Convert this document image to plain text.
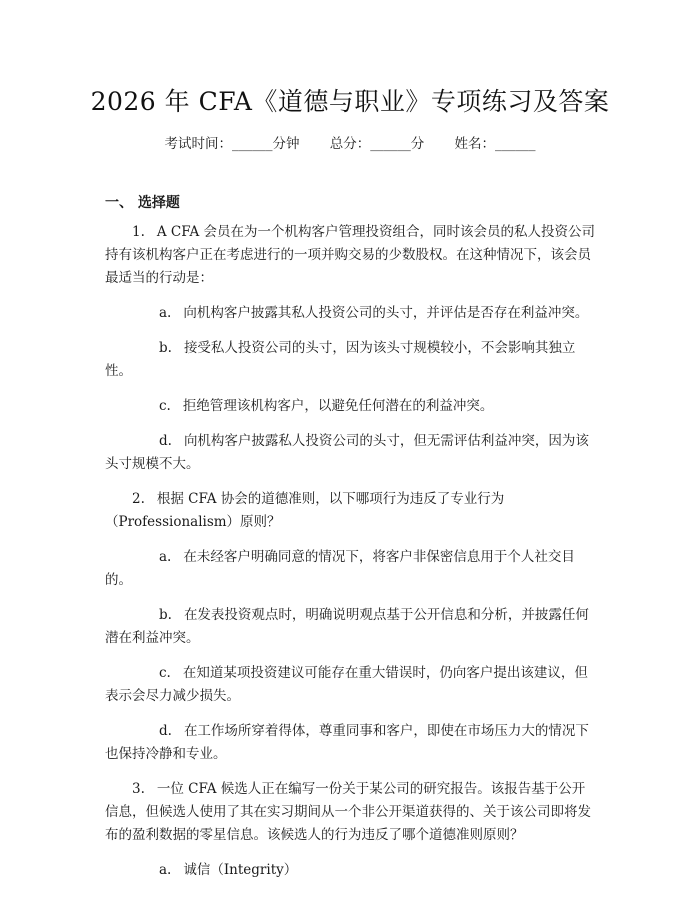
2026 年 CFA《道德与职业》专项练习及答案
考试时间：______分钟 总分：______分 姓名：______
一、 选择题

1. A CFA 会员在为一个机构客户管理投资组合，同时该会员的私人投资公司持有该机构客户正在考虑进行的一项并购交易的少数股权。在这种情况下，该会员最适当的行动是：

a. 向机构客户披露其私人投资公司的头寸，并评估是否存在利益冲突。

b. 接受私人投资公司的头寸，因为该头寸规模较小，不会影响其独立性。

c. 拒绝管理该机构客户，以避免任何潜在的利益冲突。

d. 向机构客户披露私人投资公司的头寸，但无需评估利益冲突，因为该头寸规模不大。

2. 根据 CFA 协会的道德准则，以下哪项行为违反了专业行为（Professionalism）原则？

a. 在未经客户明确同意的情况下，将客户非保密信息用于个人社交目的。

b. 在发表投资观点时，明确说明观点基于公开信息和分析，并披露任何潜在利益冲突。

c. 在知道某项投资建议可能存在重大错误时，仍向客户提出该建议，但表示会尽力减少损失。

d. 在工作场所穿着得体，尊重同事和客户，即使在市场压力大的情况下也保持冷静和专业。

3. 一位 CFA 候选人正在编写一份关于某公司的研究报告。该报告基于公开信息，但候选人使用了其在实习期间从一个非公开渠道获得的、关于该公司即将发布的盈利数据的零星信息。该候选人的行为违反了哪个道德准则原则？

a. 诚信（Integrity）
